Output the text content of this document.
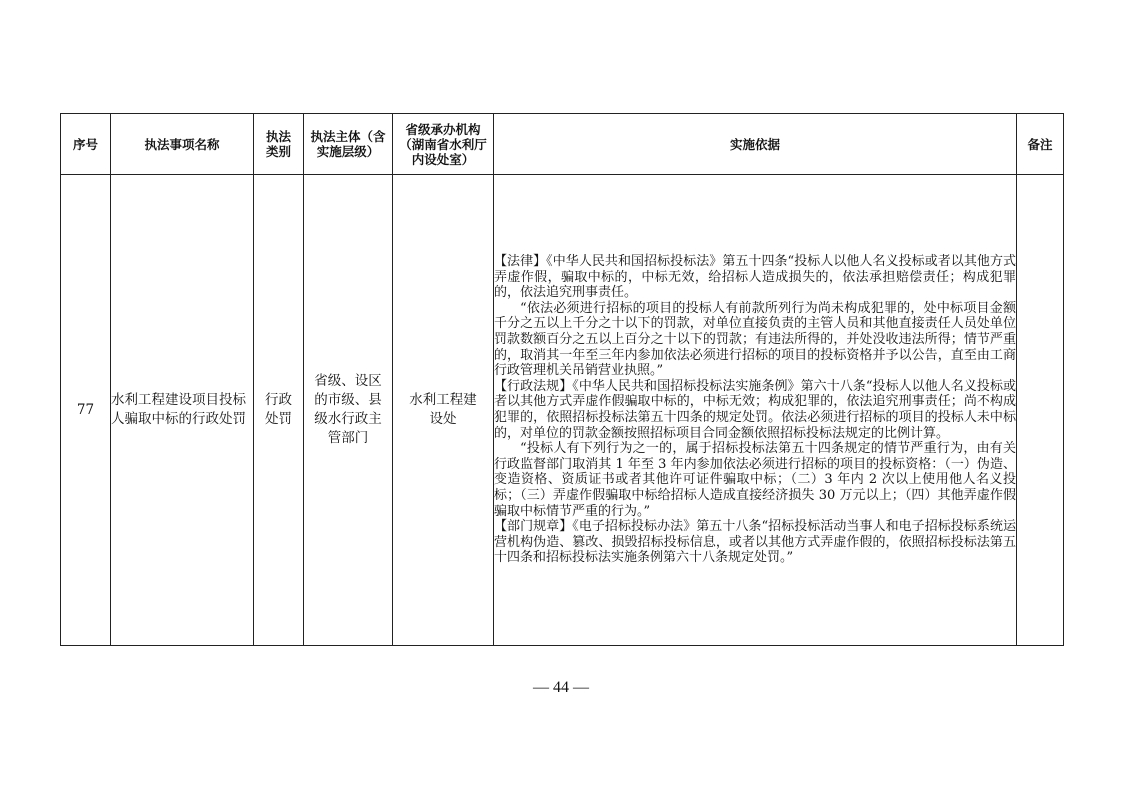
序号	执法事项名称	执法类别	执法主体（含实施层级）	省级承办机构（湖南省水利厅内设处室）	实施依据	备注
77	水利工程建设项目投标人骗取中标的行政处罚	行政处罚	省级、设区的市级、县级水行政主管部门	水利工程建设处	【法律】《中华人民共和国招标投标法》第五十四条“投标人以他人名义投标或者以其他方式弄虚作假，骗取中标的，中标无效，给招标人造成损失的，依法承担赔偿责任；构成犯罪的，依法追究刑事责任。

“依法必须进行招标的项目的投标人有前款所列行为尚未构成犯罪的，处中标项目金额千分之五以上千分之十以下的罚款，对单位直接负责的主管人员和其他直接责任人员处单位罚款数额百分之五以上百分之十以下的罚款；有违法所得的，并处没收违法所得；情节严重的，取消其一年至三年内参加依法必须进行招标的项目的投标资格并予以公告，直至由工商行政管理机关吊销营业执照。”

【行政法规】《中华人民共和国招标投标法实施条例》第六十八条“投标人以他人名义投标或者以其他方式弄虚作假骗取中标的，中标无效；构成犯罪的，依法追究刑事责任；尚不构成犯罪的，依照招标投标法第五十四条的规定处罚。依法必须进行招标的项目的投标人未中标的，对单位的罚款金额按照招标项目合同金额依照招标投标法规定的比例计算。

“投标人有下列行为之一的，属于招标投标法第五十四条规定的情节严重行为，由有关行政监督部门取消其 1 年至 3 年内参加依法必须进行招标的项目的投标资格：（一）伪造、变造资格、资质证书或者其他许可证件骗取中标；（二）3 年内 2 次以上使用他人名义投标；（三）弄虚作假骗取中标给招标人造成直接经济损失 30 万元以上；（四）其他弄虚作假骗取中标情节严重的行为。”

【部门规章】《电子招标投标办法》第五十八条“招标投标活动当事人和电子招标投标系统运营机构伪造、篡改、损毁招标投标信息，或者以其他方式弄虚作假的，依照招标投标法第五十四条和招标投标法实施条例第六十八条规定处罚。”	

— 44 —
